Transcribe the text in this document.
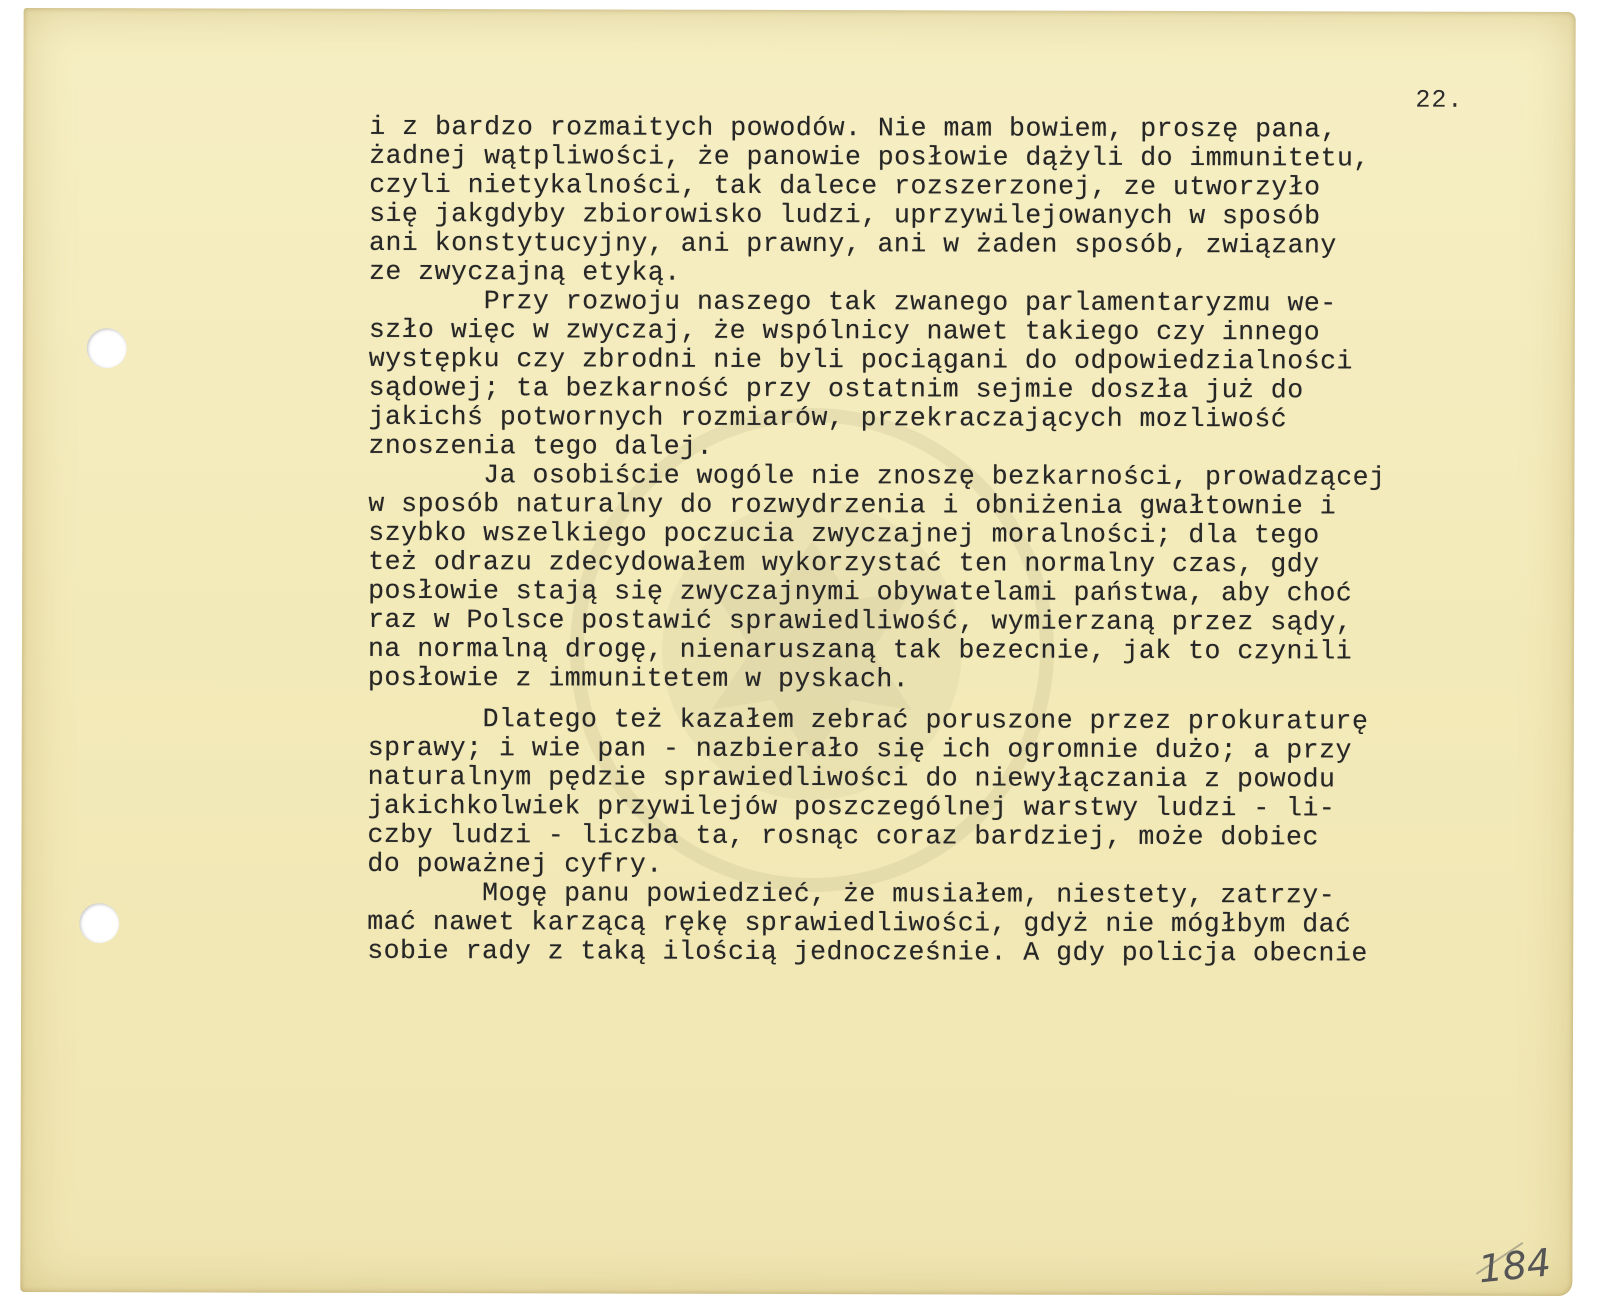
22.
i z bardzo rozmaitych powodów. Nie mam bowiem, proszę pana,
żadnej wątpliwości, że panowie posłowie dążyli do immunitetu,
czyli nietykalności, tak dalece rozszerzonej, ze utworzyło
się jakgdyby zbiorowisko ludzi, uprzywilejowanych w sposób
ani konstytucyjny, ani prawny, ani w żaden sposób, związany
ze zwyczajną etyką.
Przy rozwoju naszego tak zwanego parlamentaryzmu we-
szło więc w zwyczaj, że wspólnicy nawet takiego czy innego
występku czy zbrodni nie byli pociągani do odpowiedzialności
sądowej; ta bezkarność przy ostatnim sejmie doszła już do
jakichś potwornych rozmiarów, przekraczających mozliwość
znoszenia tego dalej.
Ja osobiście wogóle nie znoszę bezkarności, prowadzącej
w sposób naturalny do rozwydrzenia i obniżenia gwałtownie i
szybko wszelkiego poczucia zwyczajnej moralności; dla tego
też odrazu zdecydowałem wykorzystać ten normalny czas, gdy
posłowie stają się zwyczajnymi obywatelami państwa, aby choć
raz w Polsce postawić sprawiedliwość, wymierzaną przez sądy,
na normalną drogę, nienaruszaną tak bezecnie, jak to czynili
posłowie z immunitetem w pyskach.
Dlatego też kazałem zebrać poruszone przez prokuraturę
sprawy; i wie pan - nazbierało się ich ogromnie dużo; a przy
naturalnym pędzie sprawiedliwości do niewyłączania z powodu
jakichkolwiek przywilejów poszczególnej warstwy ludzi - li-
czby ludzi - liczba ta, rosnąc coraz bardziej, może dobiec
do poważnej cyfry.
Mogę panu powiedzieć, że musiałem, niestety, zatrzy-
mać nawet karzącą rękę sprawiedliwości, gdyż nie mógłbym dać
sobie rady z taką ilością jednocześnie. A gdy policja obecnie
184
